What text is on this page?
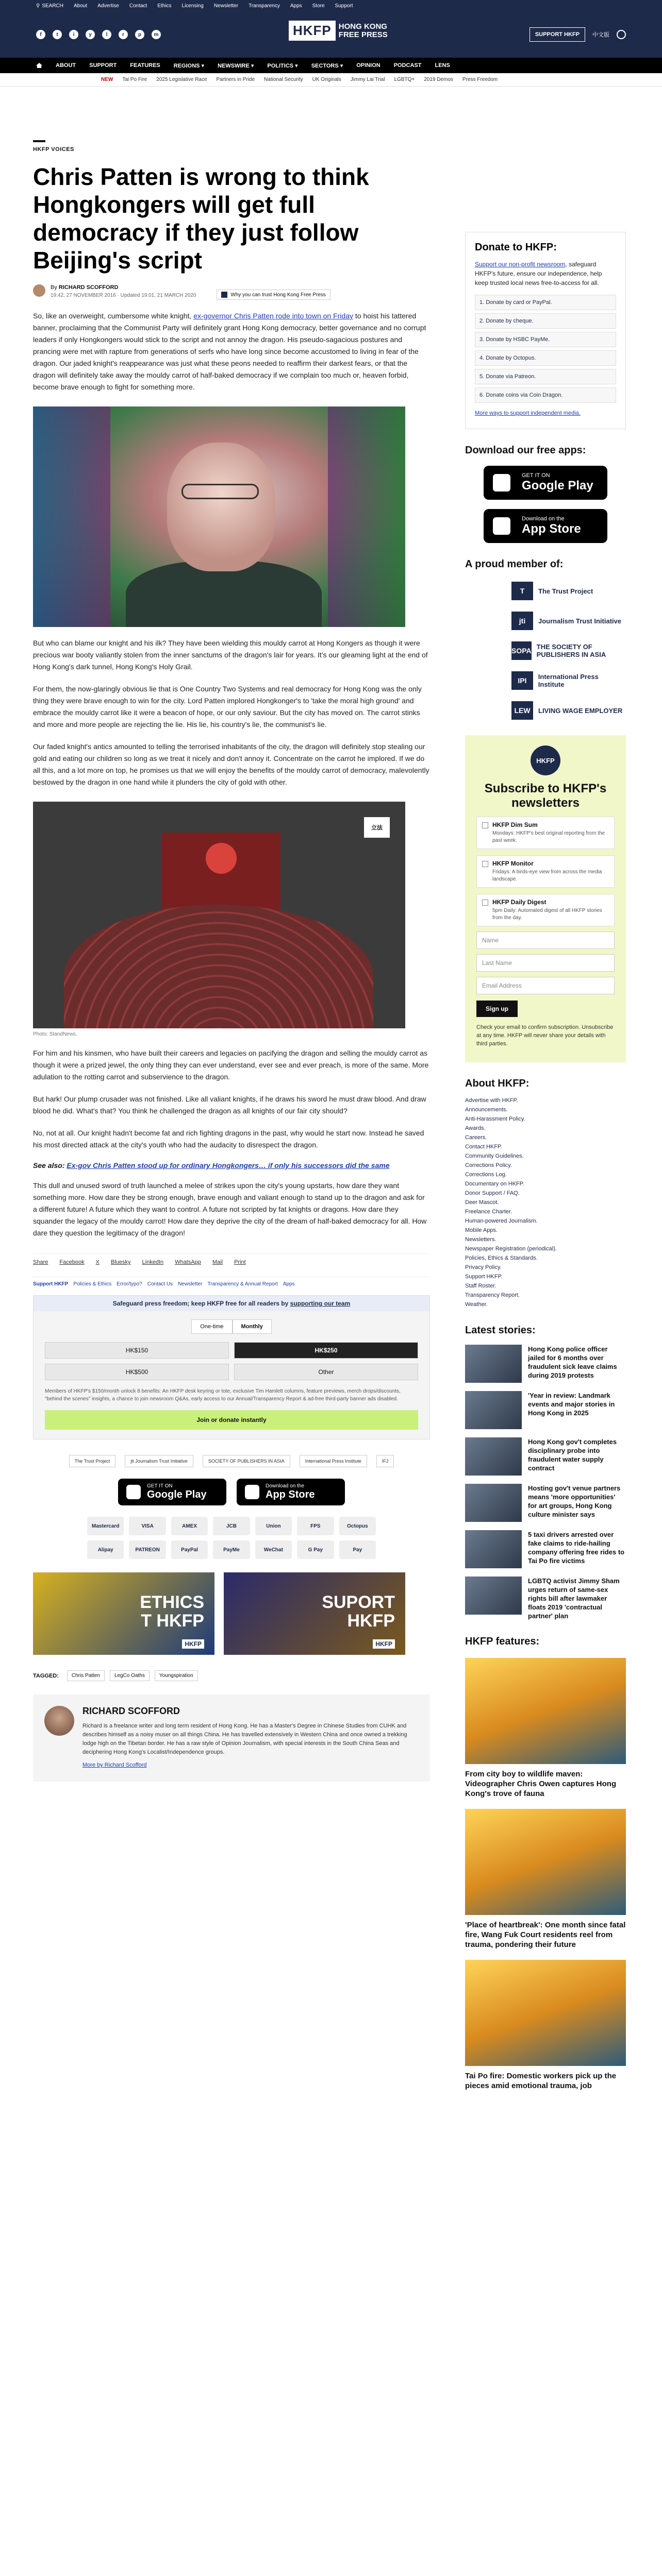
⚲ SEARCH About Advertise Contact Ethics Licensing Newsletter Transparency Apps Store Support
f	t	i	y	l	r	p	m	HKFP HONG KONG
FREE PRESS	SUPPORT HKFP	中文版
ABOUT SUPPORT FEATURES REGIONS ▾ NEWSWIRE ▾ POLITICS ▾ SECTORS ▾ OPINION PODCAST LENS
NEW Tai Po Fire 2025 Legislative Race Partners in Pride National Security UK Originals Jimmy Lai Trial LGBTQ+ 2019 Demos Press Freedom
HKFP VOICES
Chris Patten is wrong to think Hongkongers will get full democracy if they just follow Beijing's script
By RICHARD SCOFFORD
19:42, 27 NOVEMBER 2016 · Updated 19:01, 21 MARCH 2020	Why you can trust Hong Kong Free Press

So, like an overweight, cumbersome white knight, ex-governor Chris Patten rode into town on Friday to hoist his tattered banner, proclaiming that the Communist Party will definitely grant Hong Kong democracy, better governance and no corrupt leaders if only Hongkongers would stick to the script and not annoy the dragon. His pseudo-sagacious postures and prancing were met with rapture from generations of serfs who have long since become accustomed to living in fear of the dragon. Our jaded knight's reappearance was just what these peons needed to reaffirm their darkest fears, or that the dragon will definitely take away the mouldy carrot of half-baked democracy if we complain too much or, heaven forbid, become brave enough to fight for something more.

But who can blame our knight and his ilk? They have been wielding this mouldy carrot at Hong Kongers as though it were precious war booty valiantly stolen from the inner sanctums of the dragon's lair for years. It's our gleaming light at the end of Hong Kong's dark tunnel, Hong Kong's Holy Grail.

For them, the now-glaringly obvious lie that is One Country Two Systems and real democracy for Hong Kong was the only thing they were brave enough to win for the city. Lord Patten implored Hongkonger's to 'take the moral high ground' and embrace the mouldy carrot like it were a beacon of hope, or our only saviour. But the city has moved on. The carrot stinks and more and more people are rejecting the lie. His lie, his country's lie, the communist's lie.

Our faded knight's antics amounted to telling the terrorised inhabitants of the city, the dragon will definitely stop stealing our gold and eating our children so long as we treat it nicely and don't annoy it. Concentrate on the carrot he implored. If we do all this, and a lot more on top, he promises us that we will enjoy the benefits of the mouldy carrot of democracy, malevolently bestowed by the dragon in one hand while it plunders the city of gold with other.

立法
Photo: StandNews.

For him and his kinsmen, who have built their careers and legacies on pacifying the dragon and selling the mouldy carrot as though it were a prized jewel, the only thing they can ever understand, ever see and ever preach, is more of the same. More adulation to the rotting carrot and subservience to the dragon.

But hark! Our plump crusader was not finished. Like all valiant knights, if he draws his sword he must draw blood. And draw blood he did. What's that? You think he challenged the dragon as all knights of our fair city should?

No, not at all. Our knight hadn't become fat and rich fighting dragons in the past, why would he start now. Instead he saved his most directed attack at the city's youth who had the audacity to disrespect the dragon.

See also: Ex-gov Chris Patten stood up for ordinary Hongkongers… if only his successors did the same

This dull and unused sword of truth launched a melee of strikes upon the city's young upstarts, how dare they want something more. How dare they be strong enough, brave enough and valiant enough to stand up to the dragon and ask for a different future! A future which they want to control. A future not scripted by fat knights or dragons. How dare they squander the legacy of the mouldy carrot! How dare they deprive the city of the dream of half-baked democracy for all. How dare they question the legitimacy of the dragon!

Share Facebook X Bluesky LinkedIn WhatsApp Mail Print
Support HKFP Policies & Ethics Error/typo? Contact Us Newsletter Transparency & Annual Report Apps
Safeguard press freedom; keep HKFP free for all readers by supporting our team
One-time	Monthly
HK$150	HK$250
HK$500	Other
Members of HKFP's $150/month unlock 8 benefits: An HKFP desk keyring or tote, exclusive Tim Hamlett columns, feature previews, merch drops/discounts, "behind the scenes" insights, a chance to join newsroom Q&As, early access to our Annual/Transparency Report & ad-free third-party banner ads disabled.
Join or donate instantly
The Trust Project	jti Journalism Trust Initiative	SOCIETY OF PUBLISHERS IN ASIA	International Press Institute	IFJ
GET IT ON
Google Play
Download on the
App Store
Mastercard	VISA	AMEX	JCB	Union	FPS	Octopus
Alipay	PATREON	PayPal	PayMe	WeChat	G Pay	Pay
ETHICS
T HKFP
HKFP
SUPORT
HKFP
HKFP
TAGGED:	Chris Patten	LegCo Oaths	Youngspiration
RICHARD SCOFFORD

Richard is a freelance writer and long term resident of Hong Kong. He has a Master's Degree in Chinese Studies from CUHK and describes himself as a noisy muser on all things China. He has travelled extensively in Western China and once owned a trekking lodge high on the Tibetan border. He has a raw style of Opinion Journalism, with special interests in the South China Seas and deciphering Hong Kong's Localist/Independence groups.

More by Richard Scofford
Donate to HKFP:
Support our non-profit newsroom, safeguard HKFP's future, ensure our independence, help keep trusted local news free-to-access for all.
1. Donate by card or PayPal.
2. Donate by cheque.
3. Donate by HSBC PayMe.
4. Donate by Octopus.
5. Donate via Patreon.
6. Donate coins via Coin Dragon.
More ways to support independent media.
Download our free apps:
GET IT ON
Google Play
Download on the
App Store
A proud member of:
T	The Trust Project
jti	Journalism Trust Initiative
SOPA THE SOCIETY OF PUBLISHERS IN ASIA
IPI	International Press Institute
LEW	LIVING WAGE EMPLOYER
HKFP
Subscribe to HKFP's newsletters
HKFP Dim Sum
Mondays: HKFP's best original reporting from the past week.
HKFP Monitor
Fridays: A birds-eye view from across the media landscape.
HKFP Daily Digest
5pm Daily: Automated digest of all HKFP stories from the day.
Name
Last Name
Email Address
Sign up
Check your email to confirm subscription. Unsubscribe at any time. HKFP will never share your details with third parties.
About HKFP:
Advertise with HKFP.
Announcements.
Anti-Harassment Policy.
Awards.
Careers.
Contact HKFP.
Community Guidelines.
Corrections Policy.
Corrections Log.
Documentary on HKFP.
Donor Support / FAQ.
Deer Mascot.
Freelance Charter.
Human-powered Journalism.
Mobile Apps.
Newsletters.
Newspaper Registration (periodical).
Policies, Ethics & Standards.
Privacy Policy.
Support HKFP.
Staff Roster.
Transparency Report.
Weather.
Latest stories:
Hong Kong police officer jailed for 6 months over fraudulent sick leave claims during 2019 protests
'Year in review: Landmark events and major stories in Hong Kong in 2025
Hong Kong gov't completes disciplinary probe into fraudulent water supply contract
Hosting gov't venue partners means 'more opportunities' for art groups, Hong Kong culture minister says
5 taxi drivers arrested over fake claims to ride-hailing company offering free rides to Tai Po fire victims
LGBTQ activist Jimmy Sham urges return of same-sex rights bill after lawmaker floats 2019 'contractual partner' plan
HKFP features:
From city boy to wildlife maven: Videographer Chris Owen captures Hong Kong's trove of fauna
'Place of heartbreak': One month since fatal fire, Wang Fuk Court residents reel from trauma, pondering their future
Tai Po fire: Domestic workers pick up the pieces amid emotional trauma, job
